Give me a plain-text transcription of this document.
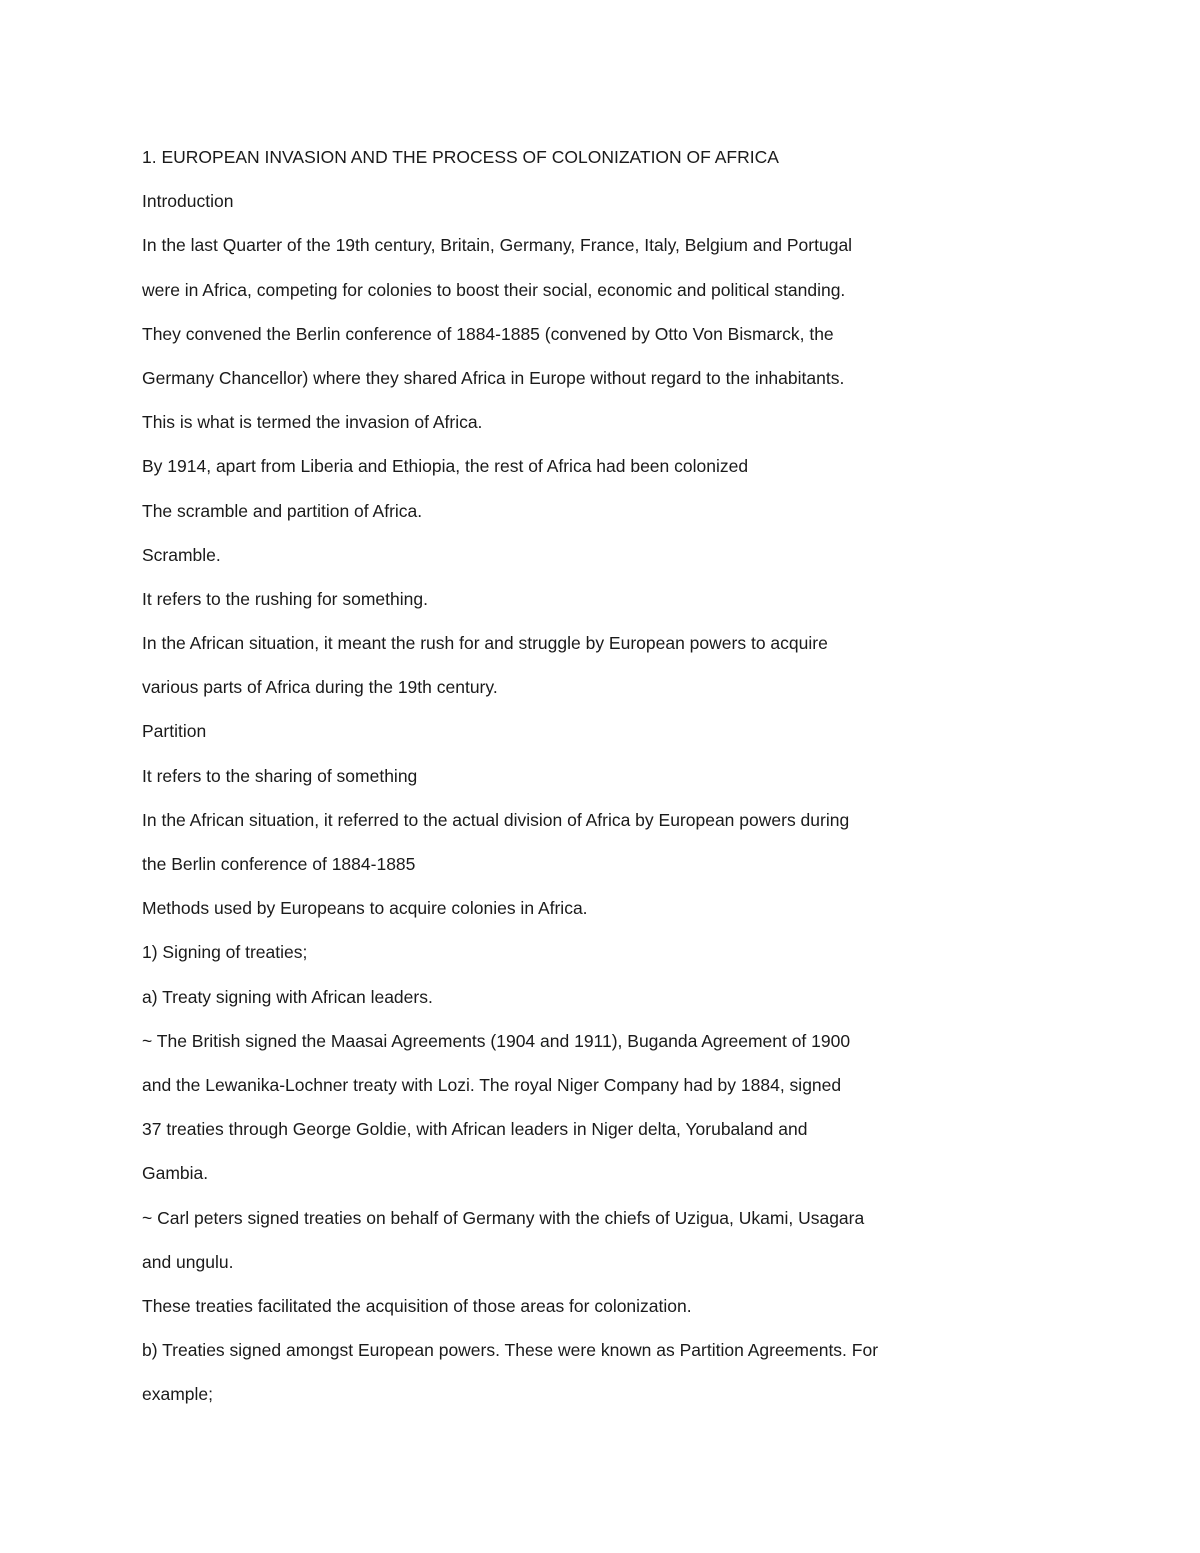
1. EUROPEAN INVASION AND THE PROCESS OF COLONIZATION OF AFRICA
Introduction
In the last Quarter of the 19th century, Britain, Germany, France, Italy, Belgium and Portugal
were in Africa, competing for colonies to boost their social, economic and political standing.
They convened the Berlin conference of 1884-1885 (convened by Otto Von Bismarck, the
Germany Chancellor) where they shared Africa in Europe without regard to the inhabitants.
This is what is termed the invasion of Africa.
By 1914, apart from Liberia and Ethiopia, the rest of Africa had been colonized
The scramble and partition of Africa.
Scramble.
It refers to the rushing for something.
In the African situation, it meant the rush for and struggle by European powers to acquire
various parts of Africa during the 19th century.
Partition
It refers to the sharing of something
In the African situation, it referred to the actual division of Africa by European powers during
the Berlin conference of 1884-1885
Methods used by Europeans to acquire colonies in Africa.
1) Signing of treaties;
a) Treaty signing with African leaders.
~ The British signed the Maasai Agreements (1904 and 1911), Buganda Agreement of 1900
and the Lewanika-Lochner treaty with Lozi. The royal Niger Company had by 1884, signed
37 treaties through George Goldie, with African leaders in Niger delta, Yorubaland and
Gambia.
~ Carl peters signed treaties on behalf of Germany with the chiefs of Uzigua, Ukami, Usagara
and ungulu.
These treaties facilitated the acquisition of those areas for colonization.
b) Treaties signed amongst European powers. These were known as Partition Agreements. For
example;
